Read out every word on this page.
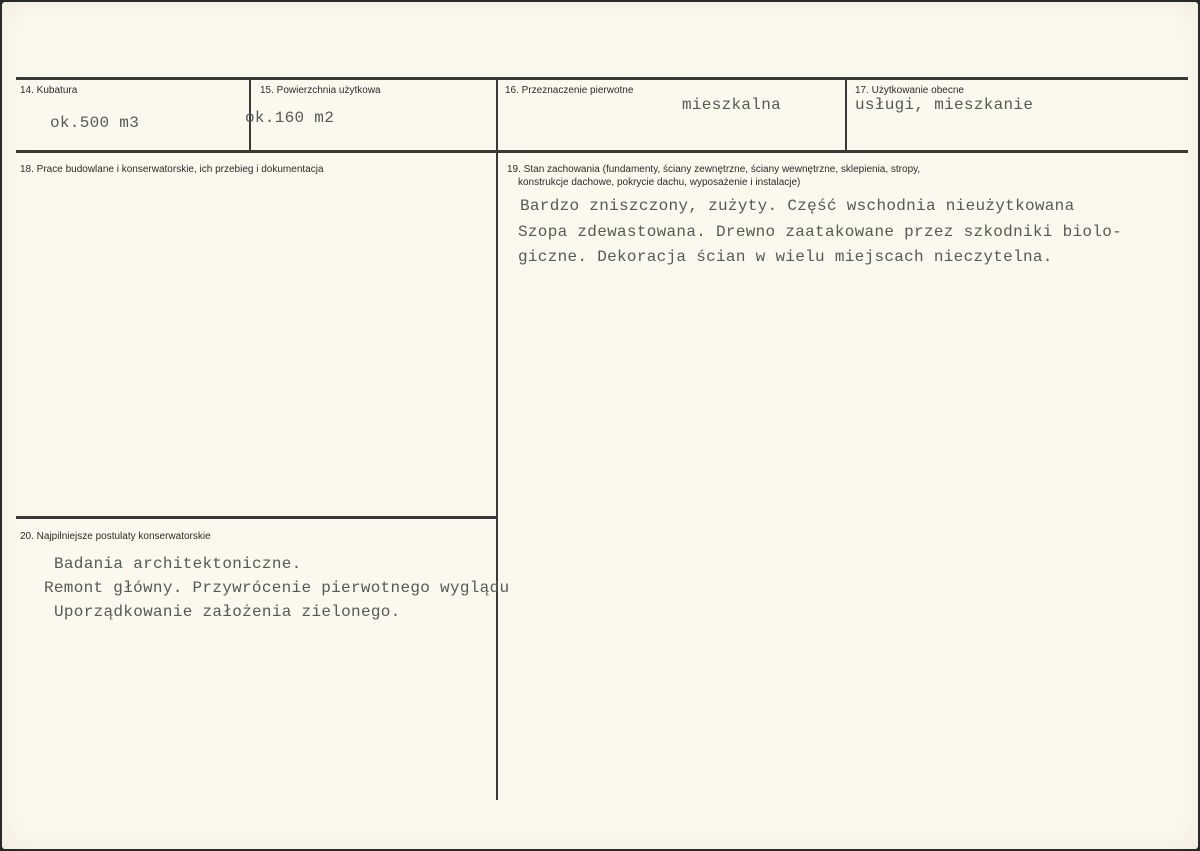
14. Kubatura
ok.500 m3
15. Powierzchnia użytkowa
ok.160 m2
16. Przeznaczenie pierwotne
mieszkalna
17. Użytkowanie obecne
usługi, mieszkanie
18. Prace budowlane i konserwatorskie, ich przebieg i dokumentacja	19. Stan zachowania (fundamenty, ściany zewnętrzne, ściany wewnętrzne, sklepienia, stropy,
konstrukcje dachowe, pokrycie dachu, wyposażenie i instalacje)
Bardzo zniszczony, zużyty. Część wschodnia nieużytkowana
Szopa zdewastowana. Drewno zaatakowane przez szkodniki biolo-
giczne. Dekoracja ścian w wielu miejscach nieczytelna.
20. Najpilniejsze postulaty konserwatorskie
Badania architektoniczne.
Remont główny. Przywrócenie pierwotnego wyglądu
Uporządkowanie założenia zielonego.
